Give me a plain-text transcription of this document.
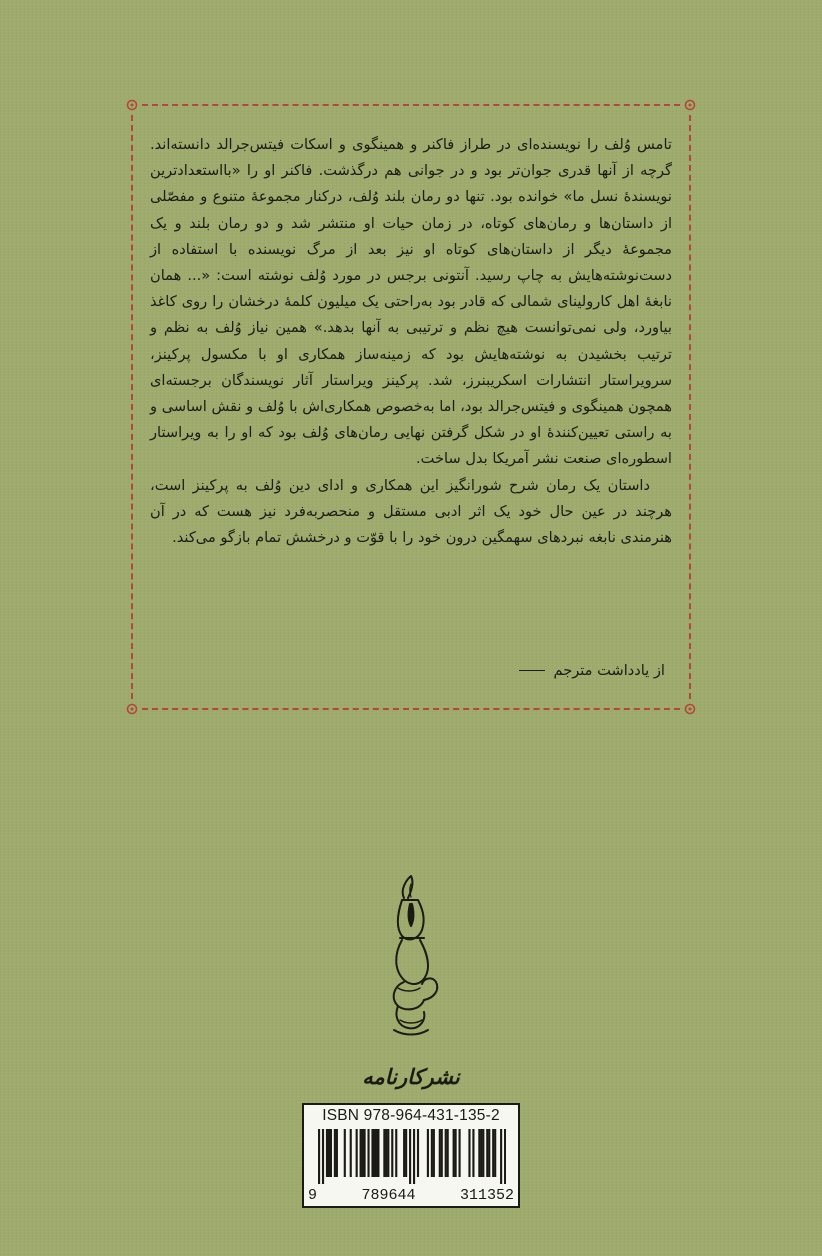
تامس وُلف را نویسنده‌ای در طراز فاکنر و همینگوی و اسکات فیتس‌جرالد دانسته‌اند. گرچه از آنها قدری جوان‌تر بود و در جوانی هم درگذشت. فاکنر او را «بااستعدادترین نویسندهٔ نسل ما» خوانده بود. تنها دو رمان بلند وُلف، درکنار مجموعهٔ متنوع و مفصّلی از داستان‌ها و رمان‌های کوتاه، در زمان حیات او منتشر شد و دو رمان بلند و یک مجموعهٔ دیگر از داستان‌های کوتاه او نیز بعد از مرگ نویسنده با استفاده از دست‌نوشته‌هایش به چاپ رسید. آنتونی برجس در مورد وُلف نوشته است: «... همان نابغهٔ اهل کارولینای شمالی که قادر بود به‌راحتی یک میلیون کلمهٔ درخشان را روی کاغذ بیاورد، ولی نمی‌توانست هیچ نظم و ترتیبی به آنها بدهد.» همین نیاز وُلف به نظم و ترتیب بخشیدن به نوشته‌هایش بود که زمینه‌ساز همکاری او با مکسول پرکینز، سرویراستار انتشارات اسکریبنرز، شد. پرکینز ویراستار آثار نویسندگان برجسته‌ای همچون همینگوی و فیتس‌جرالد بود، اما به‌خصوص همکاری‌اش با وُلف و نقش اساسی و به راستی تعیین‌کنندهٔ او در شکل گرفتن نهایی رمان‌های وُلف بود که او را به ویراستار اسطوره‌ای صنعت نشر آمریکا بدل ساخت.

داستان یک رمان شرح شورانگیز این همکاری و ادای دین وُلف به پرکینز است، هرچند در عین حال خود یک اثر ادبی مستقل و منحصربه‌فرد نیز هست که در آن هنرمندی نابغه نبردهای سهمگین درون خود را با قوّت و درخشش تمام بازگو می‌کند.

از یادداشت مترجم
نشرکارنامه
ISBN 978-964-431-135-2
9	789644	311352
